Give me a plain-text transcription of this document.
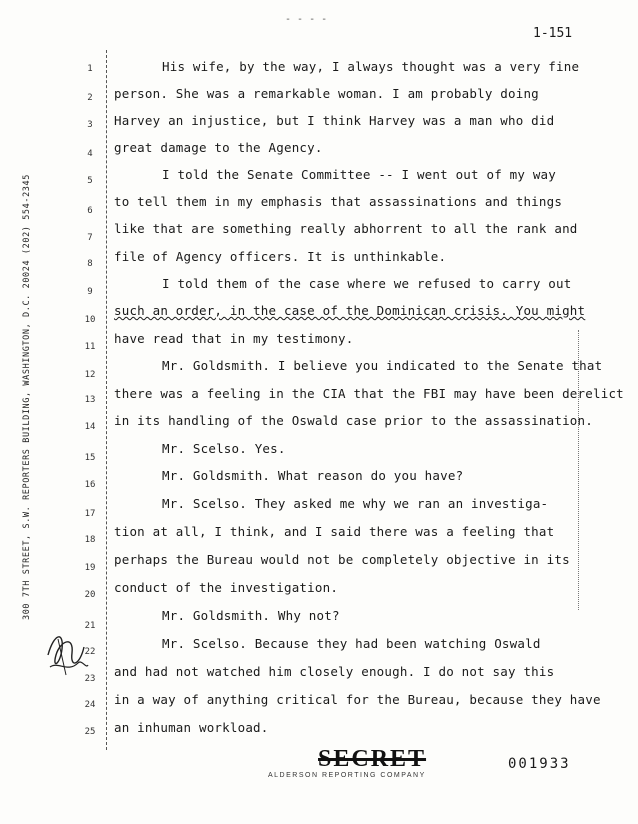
- - - -
1-151
300 7TH STREET, S.W. REPORTERS BUILDING, WASHINGTON, D.C. 20024 (202) 554-2345
His wife, by the way, I always thought was a very fine
1
person. She was a remarkable woman. I am probably doing
2
Harvey an injustice, but I think Harvey was a man who did
3
great damage to the Agency.
4
I told the Senate Committee -- I went out of my way
5
to tell them in my emphasis that assassinations and things
6
like that are something really abhorrent to all the rank and
7
file of Agency officers. It is unthinkable.
8
I told them of the case where we refused to carry out
9
such an order, in the case of the Dominican crisis. You might
10
have read that in my testimony.
11
Mr. Goldsmith. I believe you indicated to the Senate that
12
there was a feeling in the CIA that the FBI may have been derelict
13
in its handling of the Oswald case prior to the assassination.
14
Mr. Scelso. Yes.
15
Mr. Goldsmith. What reason do you have?
16
Mr. Scelso. They asked me why we ran an investiga-
17
tion at all, I think, and I said there was a feeling that
18
perhaps the Bureau would not be completely objective in its
19
conduct of the investigation.
20
Mr. Goldsmith. Why not?
21
Mr. Scelso. Because they had been watching Oswald
22
and had not watched him closely enough. I do not say this
23
in a way of anything critical for the Bureau, because they have
24
an inhuman workload.
25
SECRET
ALDERSON REPORTING COMPANY
001933
